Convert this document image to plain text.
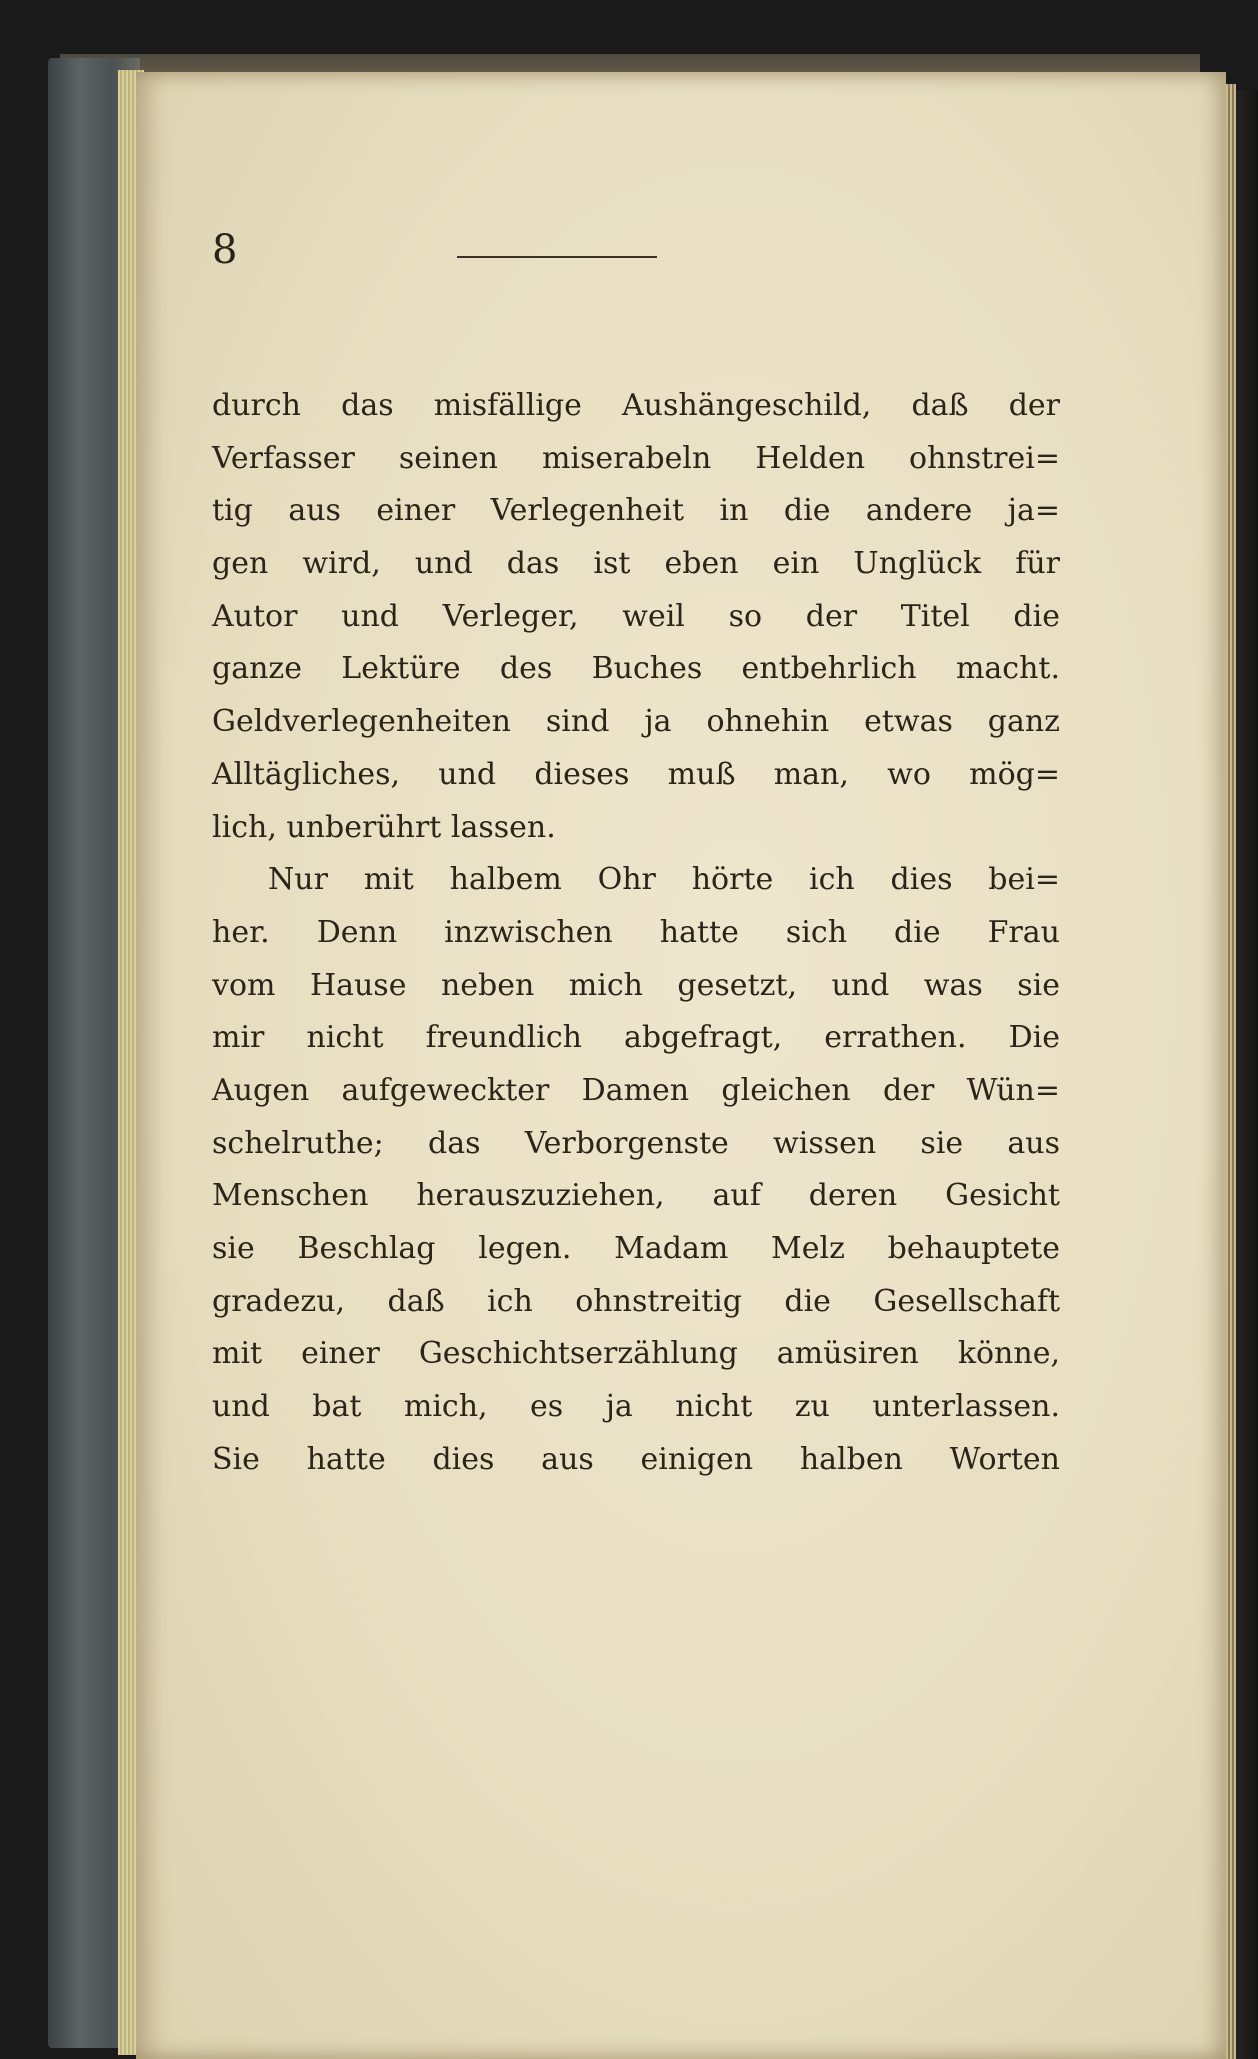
8
durch das misfällige Aushängeschild, daß der
Verfasser seinen miserabeln Helden ohnstrei=
tig aus einer Verlegenheit in die andere ja=
gen wird, und das ist eben ein Unglück für
Autor und Verleger, weil so der Titel die
ganze Lektüre des Buches entbehrlich macht.
Geldverlegenheiten sind ja ohnehin etwas ganz
Alltägliches, und dieses muß man, wo mög=
lich, unberührt lassen.
Nur mit halbem Ohr hörte ich dies bei=
her. Denn inzwischen hatte sich die Frau
vom Hause neben mich gesetzt, und was sie
mir nicht freundlich abgefragt, errathen. Die
Augen aufgeweckter Damen gleichen der Wün=
schelruthe; das Verborgenste wissen sie aus
Menschen herauszuziehen, auf deren Gesicht
sie Beschlag legen. Madam Melz behauptete
gradezu, daß ich ohnstreitig die Gesellschaft
mit einer Geschichtserzählung amüsiren könne,
und bat mich, es ja nicht zu unterlassen.
Sie hatte dies aus einigen halben Worten
